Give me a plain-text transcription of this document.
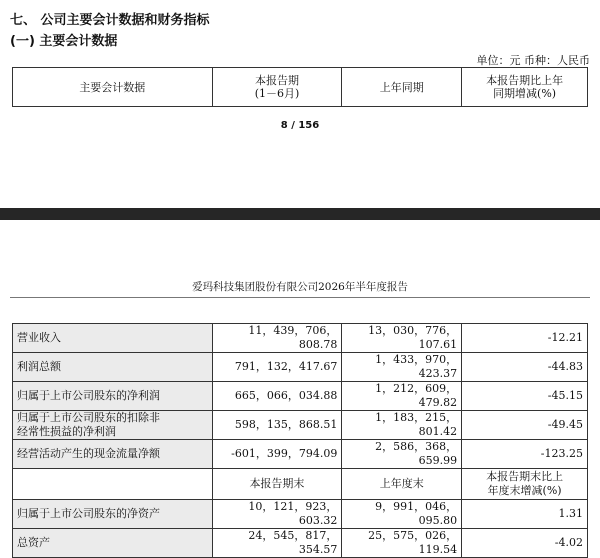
七、 公司主要会计数据和财务指标
(一) 主要会计数据
单位：元 币种：人民币
主要会计数据	本报告期
(1－6月)	上年同期	本报告期比上年
同期增减(%)
8 / 156
爱玛科技集团股份有限公司2026年半年度报告
营业收入	11，439，706，808.78	13，030，776，107.61	-12.21
利润总额	791，132，417.67	1，433，970，423.37	-44.83
归属于上市公司股东的净利润	665，066，034.88	1，212，609，479.82	-45.15

归属于上市公司股东的扣除非
经常性损益的净利润	598，135，868.51	1，183，215，801.42	-49.45
经营活动产生的现金流量净额	-601，399，794.09	2，586，368，659.99	-123.25
	本报告期末	上年度末	本报告期末比上
年度末增减(%)

归属于上市公司股东的净资产	10，121，923，603.32	9，991，046，095.80	1.31
总资产	24，545，817，354.57	25，575，026，119.54	-4.02
